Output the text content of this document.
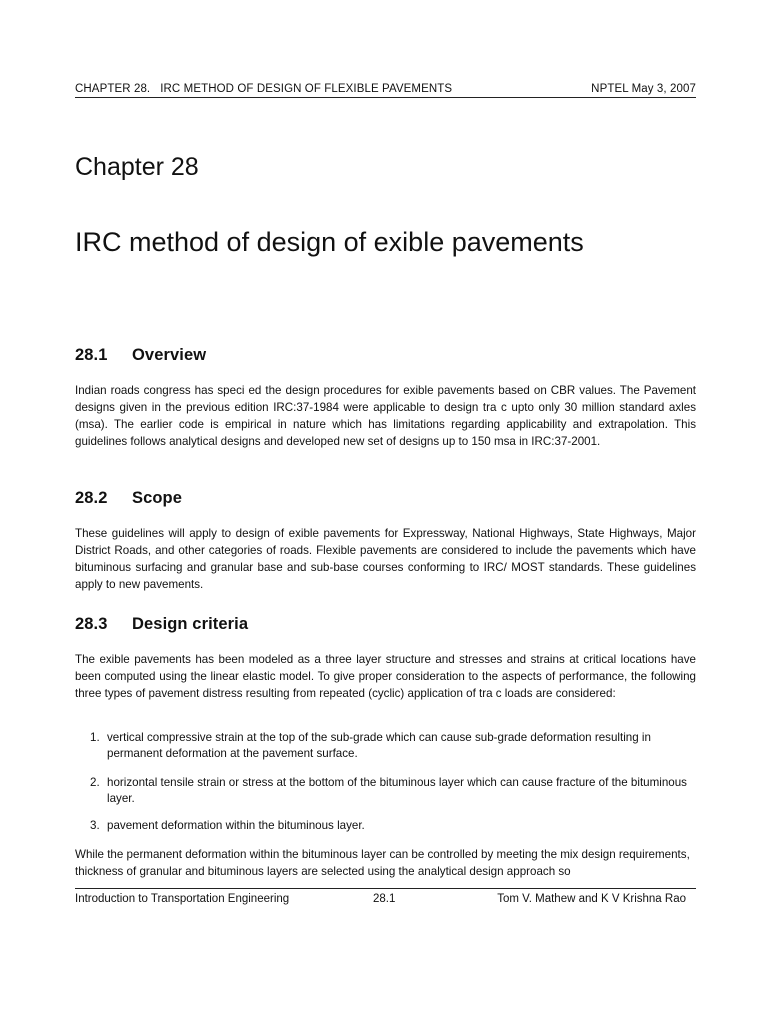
CHAPTER 28. IRC METHOD OF DESIGN OF FLEXIBLE PAVEMENTS	NPTEL May 3, 2007
Chapter 28
IRC method of design of exible pavements
28.1 Overview

Indian roads congress has speci ed the design procedures for exible pavements based on CBR values. The Pavement designs given in the previous edition IRC:37-1984 were applicable to design tra c upto only 30 million standard axles (msa). The earlier code is empirical in nature which has limitations regarding applicability and extrapolation. This guidelines follows analytical designs and developed new set of designs up to 150 msa in IRC:37-2001.

28.2 Scope

These guidelines will apply to design of exible pavements for Expressway, National Highways, State Highways, Major District Roads, and other categories of roads. Flexible pavements are considered to include the pavements which have bituminous surfacing and granular base and sub-base courses conforming to IRC/ MOST standards. These guidelines apply to new pavements.

28.3 Design criteria

The exible pavements has been modeled as a three layer structure and stresses and strains at critical locations have been computed using the linear elastic model. To give proper consideration to the aspects of performance, the following three types of pavement distress resulting from repeated (cyclic) application of tra c loads are considered:

1. vertical compressive strain at the top of the sub-grade which can cause sub-grade deformation resulting in permanent deformation at the pavement surface.
2. horizontal tensile strain or stress at the bottom of the bituminous layer which can cause fracture of the bituminous layer.
3. pavement deformation within the bituminous layer.

While the permanent deformation within the bituminous layer can be controlled by meeting the mix design requirements, thickness of granular and bituminous layers are selected using the analytical design approach so

Introduction to Transportation Engineering	28.1	Tom V. Mathew and K V Krishna Rao
